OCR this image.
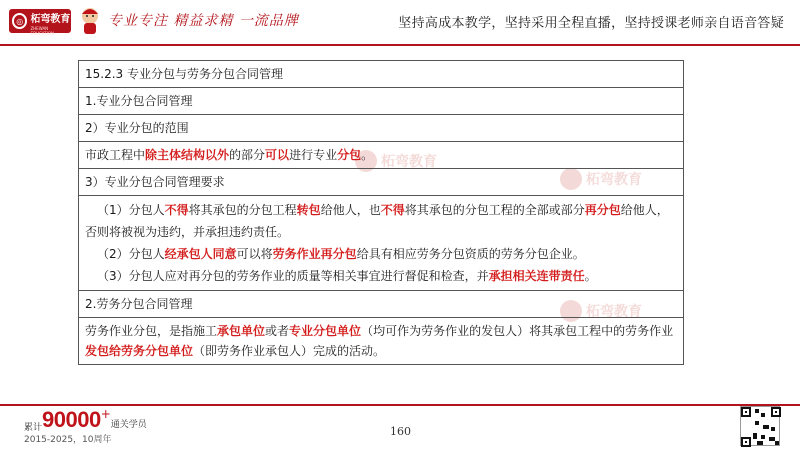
◎ 柘弯教育
ZHEWAN EDUCATION
专业专注 精益求精 一流品牌	坚持高成本教学，坚持采用全程直播，坚持授课老师亲自语音答疑
柘弯教育
柘弯教育
柘弯教育
15.2.3 专业分包与劳务分包合同管理
1.专业分包合同管理
2）专业分包的范围
市政工程中除主体结构以外的部分可以进行专业分包。
3）专业分包合同管理要求
（1）分包人不得将其承包的分包工程转包给他人，也不得将其承包的分包工程的全部或部分再分包给他人，否则将被视为违约，并承担违约责任。
（2）分包人经承包人同意可以将劳务作业再分包给具有相应劳务分包资质的劳务分包企业。
（3）分包人应对再分包的劳务作业的质量等相关事宜进行督促和检查，并承担相关连带责任。
2.劳务分包合同管理
劳务作业分包，是指施工承包单位或者专业分包单位（均可作为劳务作业的发包人）将其承包工程中的劳务作业发包给劳务分包单位（即劳务作业承包人）完成的活动。
累计90000+通关学员
2015-2025，10周年
160
